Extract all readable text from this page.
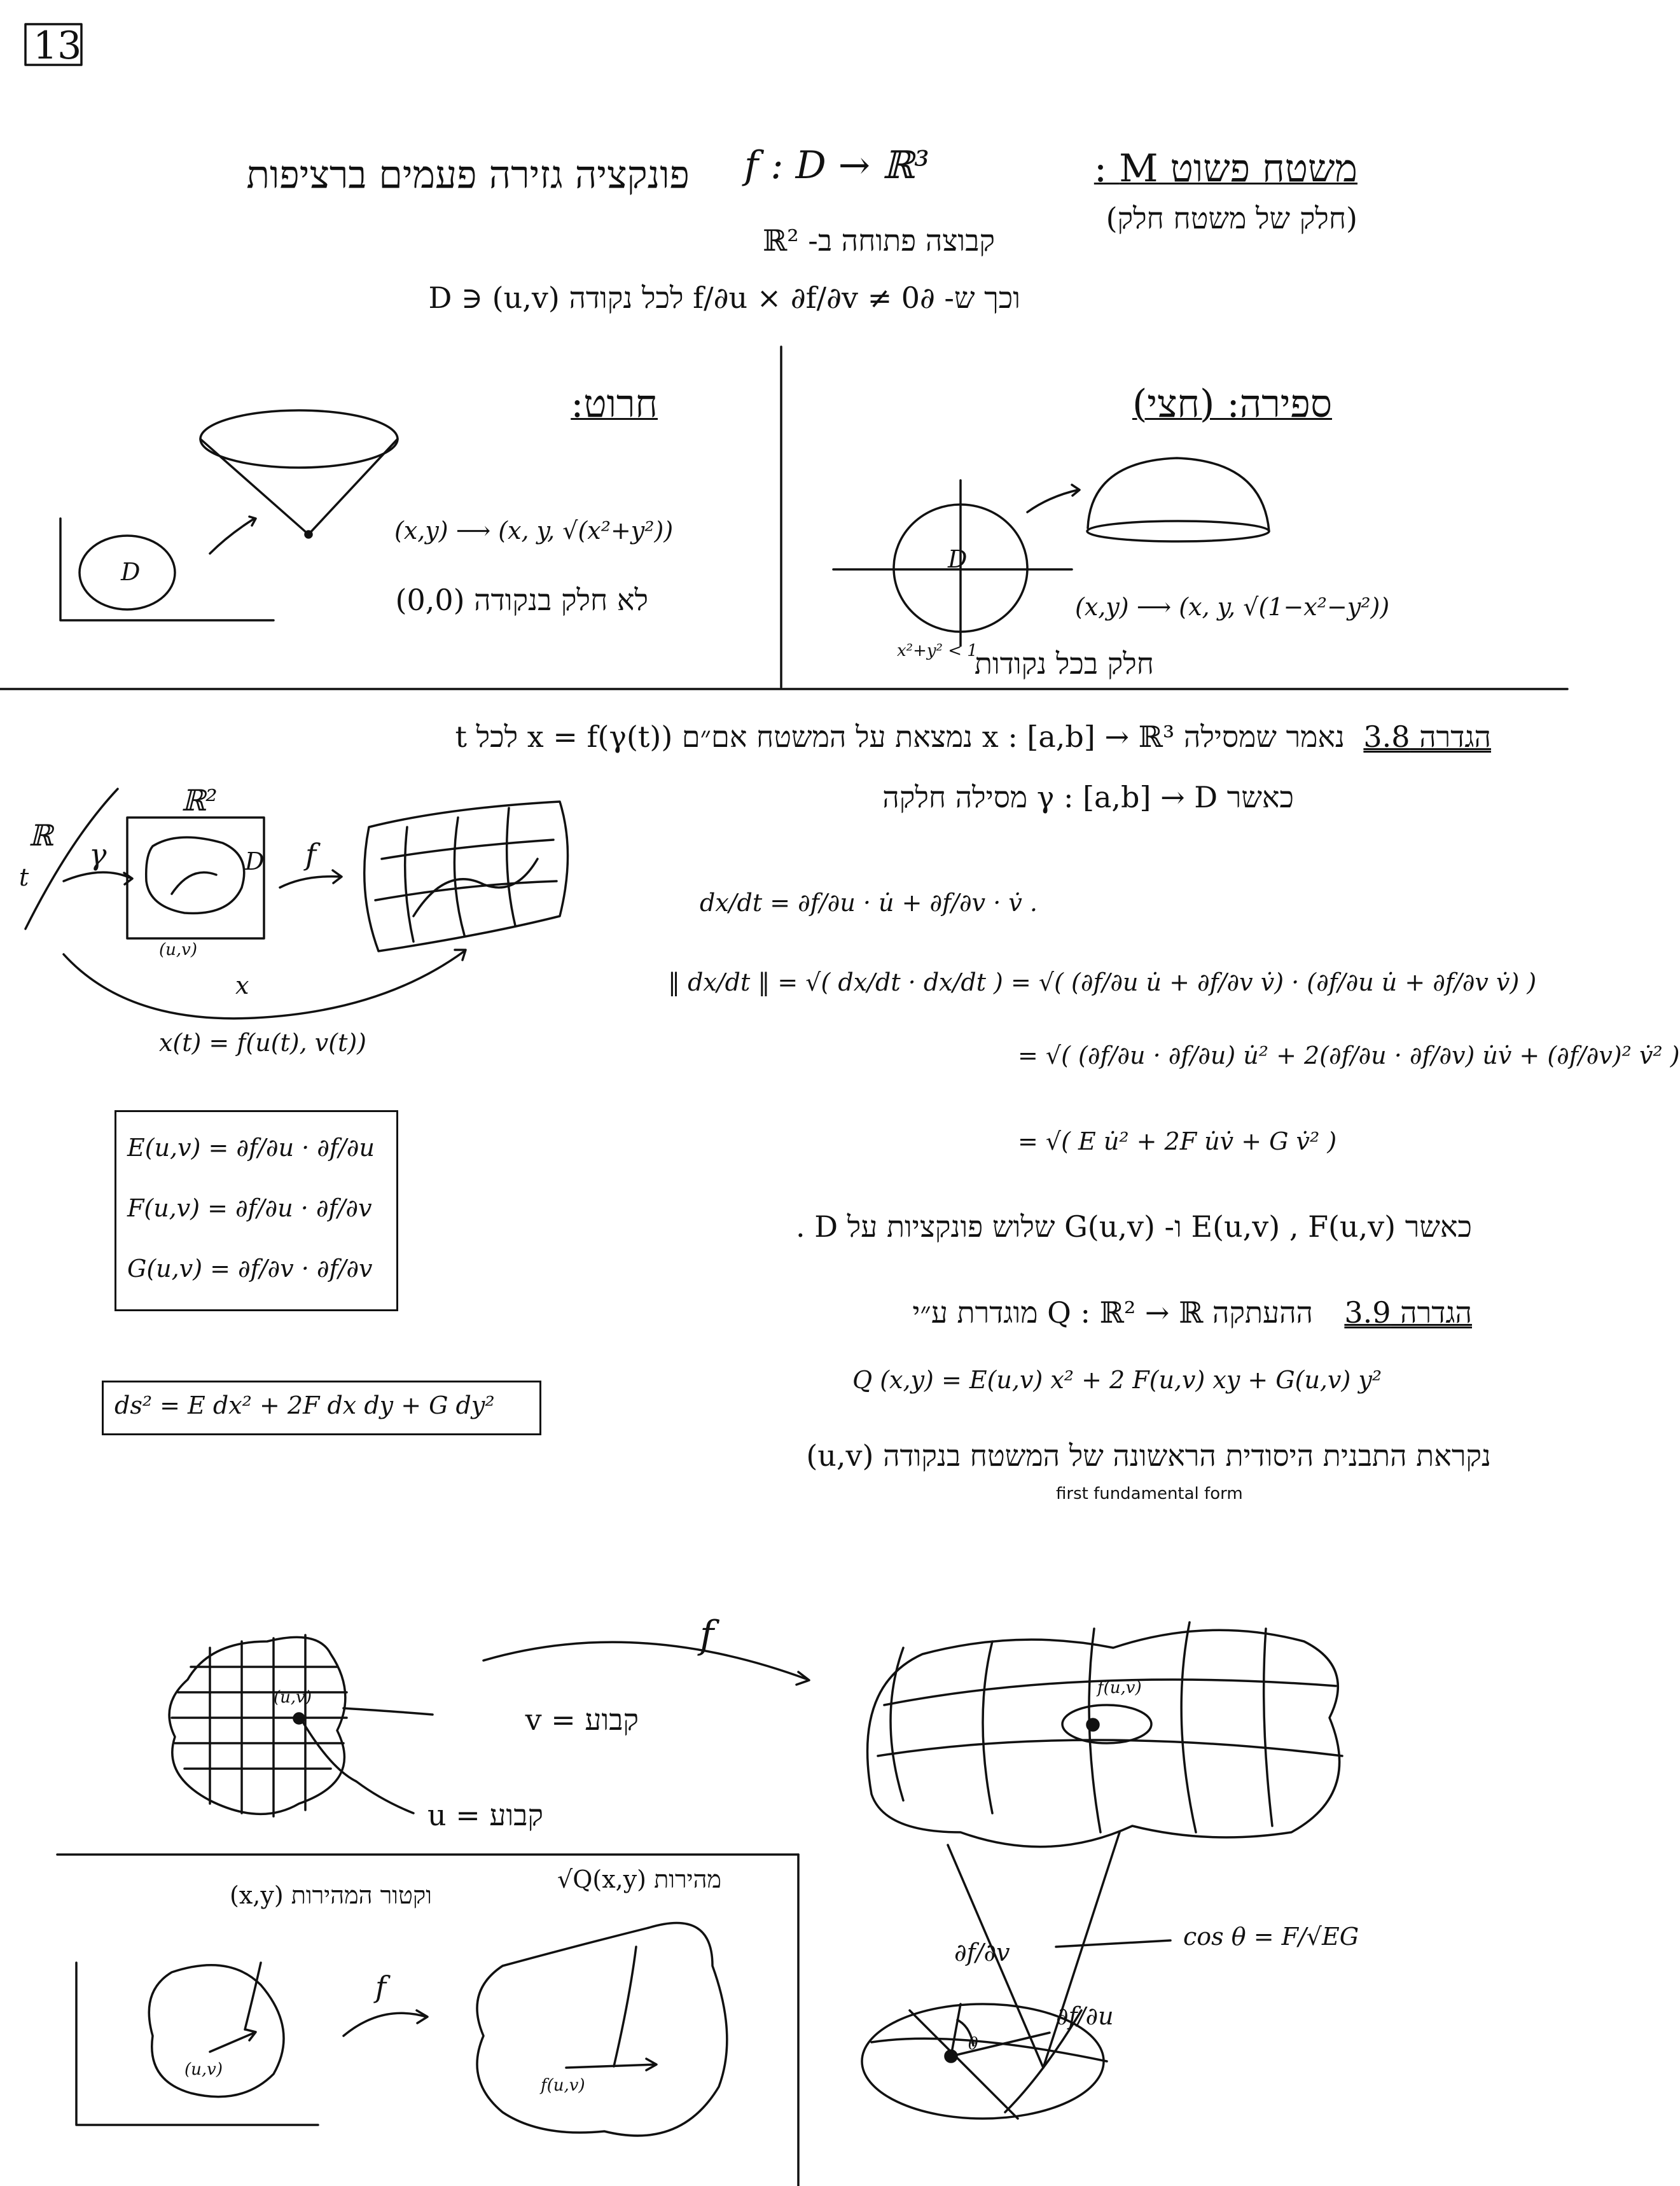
13
משטח פשוט M :
f : D → ℝ³
פונקציה גזירה פעמים ברציפות
(חלק של משטח חלק)
קבוצה פתוחה ב- ℝ²
וכך ש- ∂f/∂u × ∂f/∂v ≠ 0 לכל נקודה (u,v) ∈ D
חרוט:
D
(x,y) ⟶ (x, y, √(x²+y²))
לא חלק בנקודה (0,0)
ספירה: (חצי)
D
x²+y² < 1
(x,y) ⟶ (x, y, √(1−x²−y²))
חלק בכל נקודות
הגדרה 3.8
נאמר שמסילה x : [a,b] → ℝ³ נמצאת על המשטח אם״ם x = f(γ(t)) לכל t
כאשר γ : [a,b] → D מסילה חלקה
ℝ
t
γ
ℝ²
D f
(u,v)
x
x(t) = f(u(t), v(t))
dx/dt = ∂f/∂u · u̇ + ∂f/∂v · v̇ .
‖ dx/dt ‖ = √( dx/dt · dx/dt ) = √( (∂f/∂u u̇ + ∂f/∂v v̇) · (∂f/∂u u̇ + ∂f/∂v v̇) )
= √( (∂f/∂u · ∂f/∂u) u̇² + 2(∂f/∂u · ∂f/∂v) u̇v̇ + (∂f/∂v)² v̇² )
= √( E u̇² + 2F u̇v̇ + G v̇² )
E(u,v) = ∂f/∂u · ∂f/∂u
F(u,v) = ∂f/∂u · ∂f/∂v
G(u,v) = ∂f/∂v · ∂f/∂v
כאשר E(u,v) , F(u,v) ו- G(u,v) שלוש פונקציות על D .
הגדרה 3.9
ההעתקה Q : ℝ² → ℝ מוגדרת ע״י
Q (x,y) = E(u,v) x² + 2 F(u,v) xy + G(u,v) y²
נקראת התבנית היסודית הראשונה של המשטח בנקודה (u,v)
first fundamental form
ds² = E dx² + 2F dx dy + G dy²
f
(u,v)
v = קבוע
u = קבוע
f(u,v)
cos θ = F/√EG
∂f/∂v
∂f/∂u
θ
וקטור המהירות (x,y)
√Q(x,y) מהירות
(u,v)
f
f(u,v)
